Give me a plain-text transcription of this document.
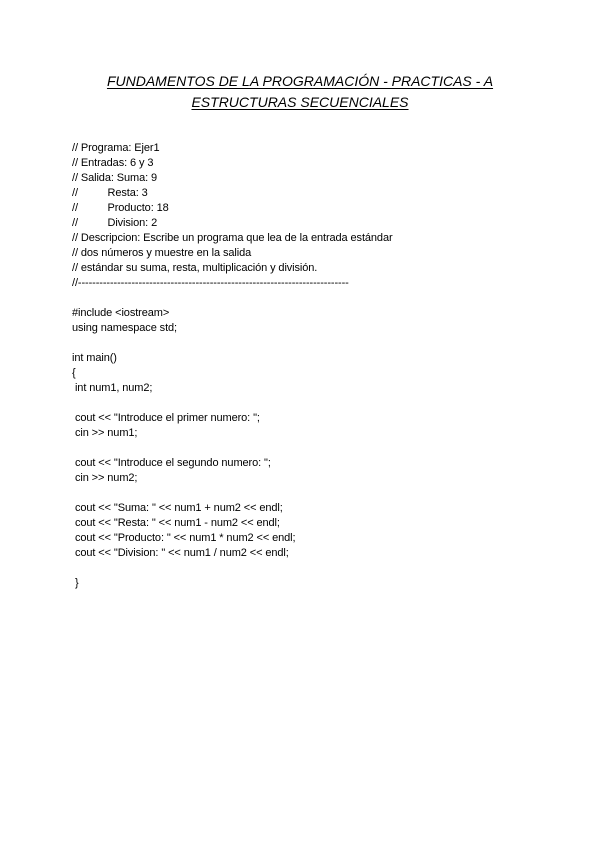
FUNDAMENTOS DE LA PROGRAMACIÓN - PRACTICAS - A
ESTRUCTURAS SECUENCIALES
// Programa: Ejer1
// Entradas: 6 y 3
// Salida: Suma: 9
//          Resta: 3
//          Producto: 18
//          Division: 2
// Descripcion: Escribe un programa que lea de la entrada estándar
// dos números y muestre en la salida
// estándar su suma, resta, multiplicación y división.
//----------------------------------------------------------------------------
#include <iostream>
using namespace std;
int main()
{
int num1, num2;
cout << "Introduce el primer numero: ";
cin >> num1;
cout << "Introduce el segundo numero: ";
cin >> num2;
cout << "Suma: " << num1 + num2 << endl;
cout << "Resta: " << num1 - num2 << endl;
cout << "Producto: " << num1 * num2 << endl;
cout << "Division: " << num1 / num2 << endl;
}
